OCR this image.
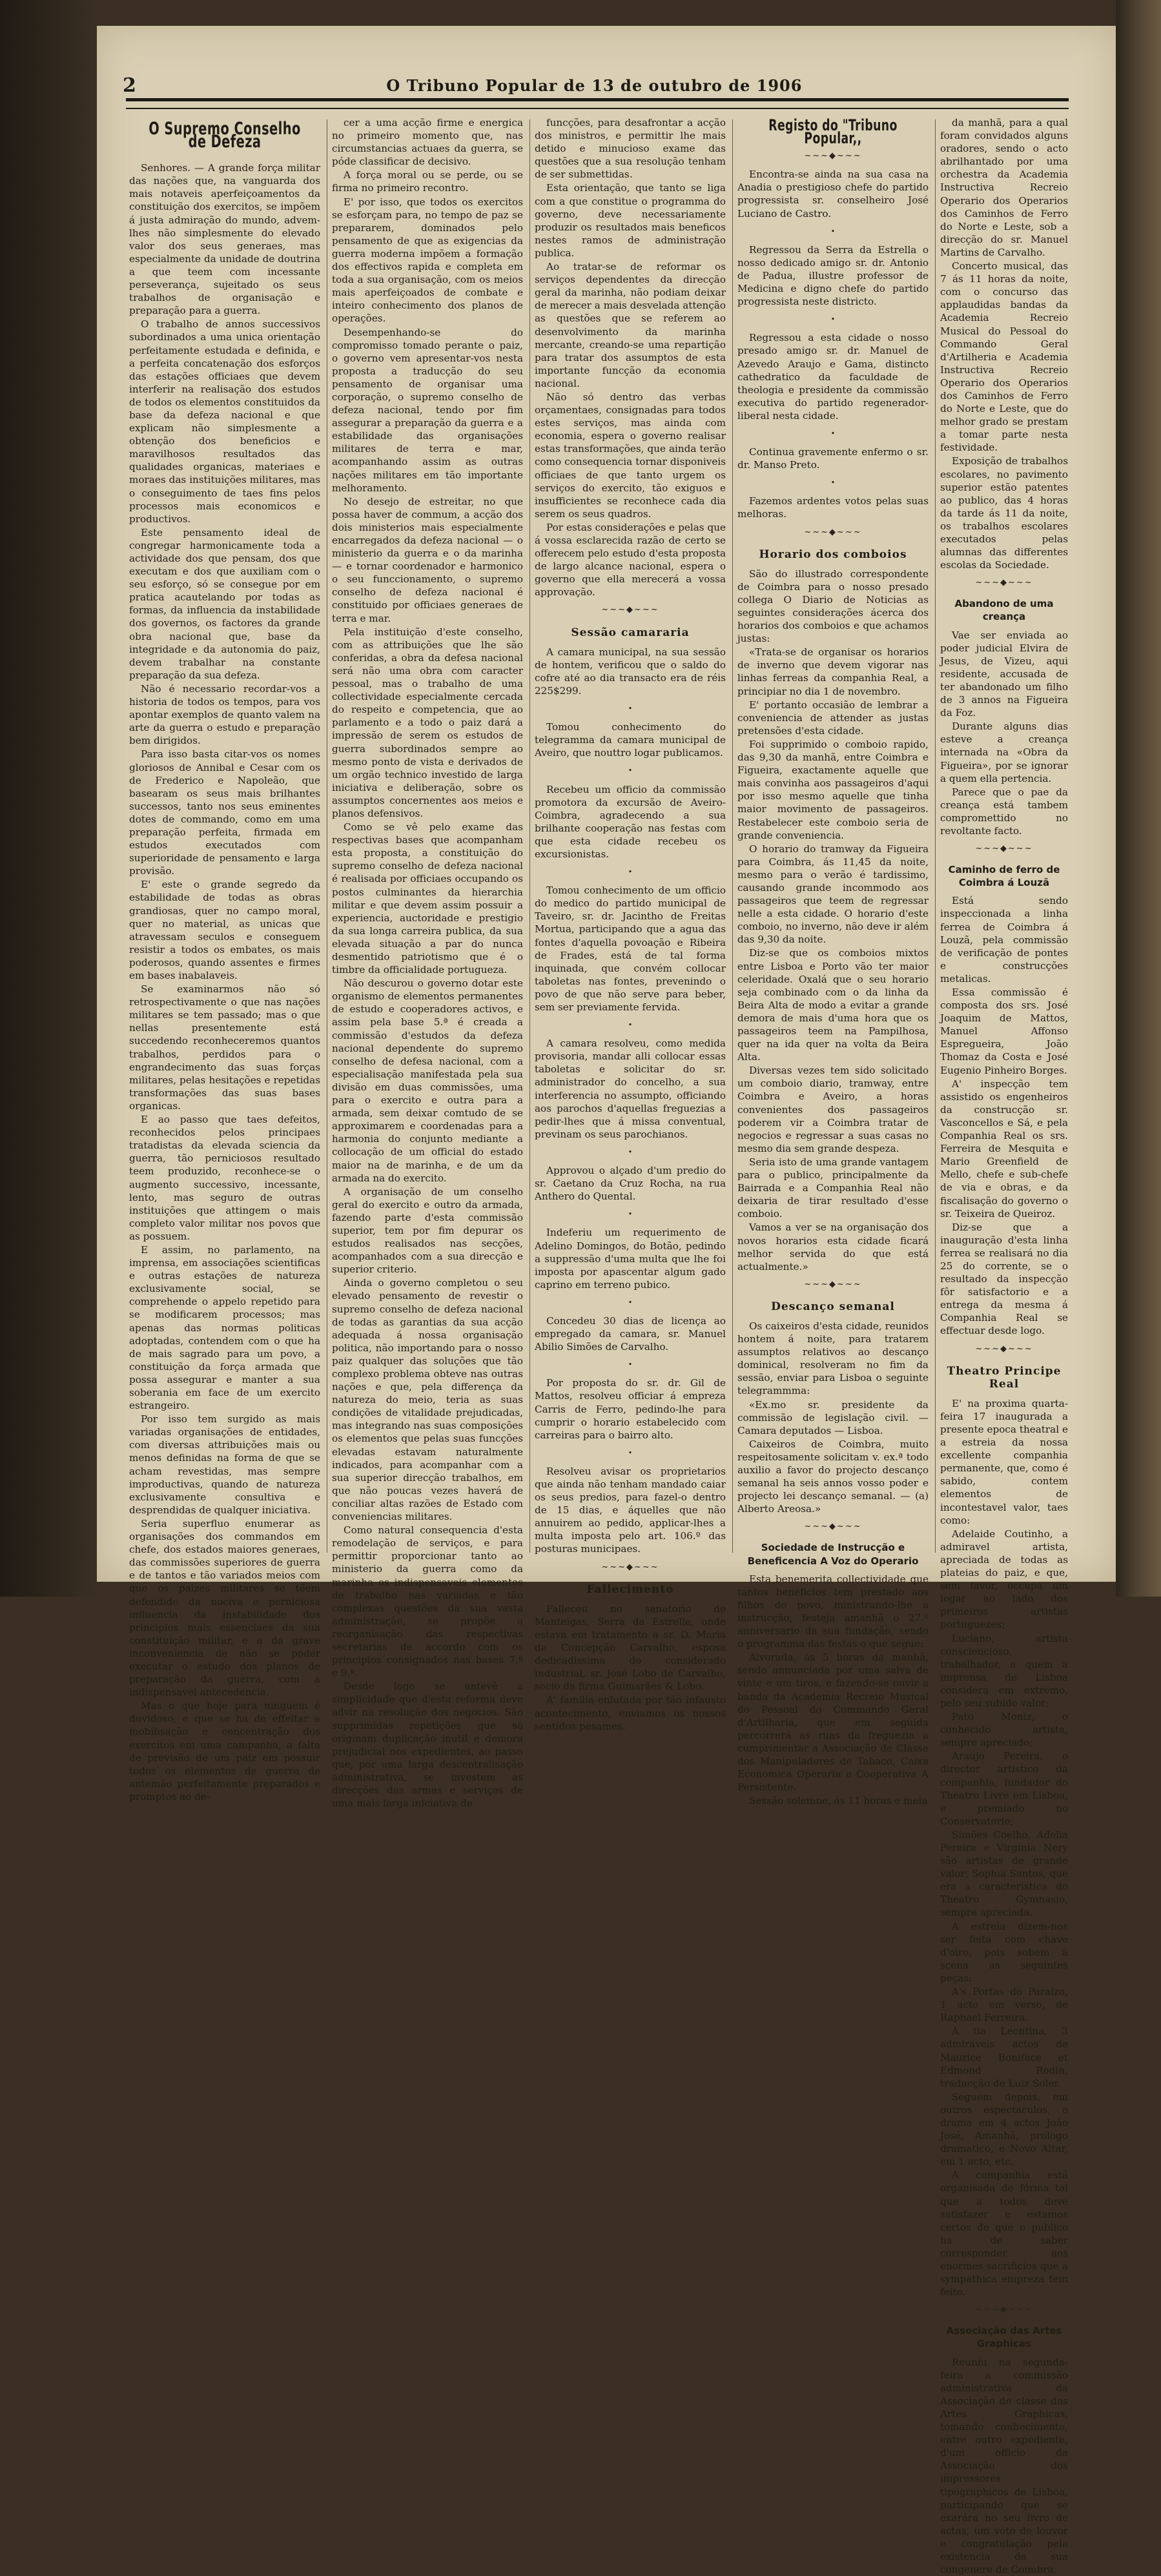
2	O Tribuno Popular de 13 de outubro de 1906
O Supremo Conselho de Defeza

Senhores. — A grande força militar das nações que, na vanguarda dos mais notaveis aperfeiçoamentos da constituição dos exercitos, se impõem á justa admiração do mundo, advem-lhes não simplesmente do elevado valor dos seus generaes, mas especialmente da unidade de doutrina a que teem com incessante perseverança, sujeitado os seus trabalhos de organisação e preparação para a guerra.

O trabalho de annos successivos subordinados a uma unica orientação perfeitamente estudada e definida, e a perfeita concatenação dos esforços das estações officiaes que devem interferir na realisação dos estudos de todos os elementos constituidos da base da defeza nacional e que explicam não simplesmente a obtenção dos beneficios e maravilhosos resultados das qualidades organicas, materiaes e moraes das instituições militares, mas o conseguimento de taes fins pelos processos mais economicos e productivos.

Este pensamento ideal de congregar harmonicamente toda a actividade dos que pensam, dos que executam e dos que auxiliam com o seu esforço, só se consegue por em pratica acautelando por todas as formas, da influencia da instabilidade dos governos, os factores da grande obra nacional que, base da integridade e da autonomia do paiz, devem trabalhar na constante preparação da sua defeza.

Não é necessario recordar-vos a historia de todos os tempos, para vos apontar exemplos de quanto valem na arte da guerra o estudo e preparação bem dirigidos.

Para isso basta citar-vos os nomes gloriosos de Annibal e Cesar com os de Frederico e Napoleão, que basearam os seus mais brilhantes successos, tanto nos seus eminentes dotes de commando, como em uma preparação perfeita, firmada em estudos executados com superioridade de pensamento e larga provisão.

E' este o grande segredo da estabilidade de todas as obras grandiosas, quer no campo moral, quer no material, as unicas que atravessam seculos e conseguem resistir a todos os embates, os mais poderosos, quando assentes e firmes em bases inabalaveis.

Se examinarmos não só retrospectivamente o que nas nações militares se tem passado; mas o que nellas presentemente está succedendo reconheceremos quantos trabalhos, perdidos para o engrandecimento das suas forças militares, pelas hesitações e repetidas transformações das suas bases organicas.

E ao passo que taes defeitos, reconhecidos pelos principaes tratadistas da elevada sciencia da guerra, tão perniciosos resultado teem produzido, reconhece-se o augmento successivo, incessante, lento, mas seguro de outras instituições que attingem o mais completo valor militar nos povos que as possuem.

E assim, no parlamento, na imprensa, em associações scientificas e outras estações de natureza exclusivamente social, se comprehende o appelo repetido para se modificarem processos; mas apenas das normas politicas adoptadas, contendem com o que ha de mais sagrado para um povo, a constituição da força armada que possa assegurar e manter a sua soberania em face de um exercito estrangeiro.

Por isso tem surgido as mais variadas organisações de entidades, com diversas attribuições mais ou menos definidas na forma de que se acham revestidas, mas sempre improductivas, quando de natureza exclusivamente consultiva e desprendidas de qualquer iniciativa.

Seria superfluo enumerar as organisações dos commandos em chefe, dos estados maiores generaes, das commissões superiores de guerra e de tantos e tão variados meios com que os paizes militares se têem defendido da nociva e perniciosa influencia da instabilidade dos principios mais essenciaes da sua constituição militar, e a da grave inconveniencia de não se poder executar o estudo dos planos de preparação da guerra, com a indispensavel antecedencia.

Mas o que hoje para ninguem é duvidoso, e que se ha de effeitar a mobilisação e concentração dos exercitos em uma campanha, a falta de previsão de um paiz em possuir todos os elementos de guerra de antemão perfeitamente preparados e promptos ao de-

cer a uma acção firme e energica no primeiro momento que, nas circumstancias actuaes da guerra, se póde classificar de decisivo.

A força moral ou se perde, ou se firma no primeiro recontro.

E' por isso, que todos os exercitos se esforçam para, no tempo de paz se prepararem, dominados pelo pensamento de que as exigencias da guerra moderna impõem a formação dos effectivos rapida e completa em toda a sua organisação, com os meios mais aperfeiçoados de combate e inteiro conhecimento dos planos de operações.

Desempenhando-se do compromisso tomado perante o paiz, o governo vem apresentar-vos nesta proposta a traducção do seu pensamento de organisar uma corporação, o supremo conselho de defeza nacional, tendo por fim assegurar a preparação da guerra e a estabilidade das organisações militares de terra e mar, acompanhando assim as outras nações militares em tão importante melhoramento.

No desejo de estreitar, no que possa haver de commum, a acção dos dois ministerios mais especialmente encarregados da defeza nacional — o ministerio da guerra e o da marinha — e tornar coordenador e harmonico o seu funccionamento, o supremo conselho de defeza nacional é constituido por officiaes generaes de terra e mar.

Pela instituição d'este conselho, com as attribuições que lhe são conferidas, a obra da defesa nacional será não uma obra com caracter pessoal, mas o trabalho de uma collectividade especialmente cercada do respeito e competencia, que ao parlamento e a todo o paiz dará a impressão de serem os estudos de guerra subordinados sempre ao mesmo ponto de vista e derivados de um orgão technico investido de larga iniciativa e deliberação, sobre os assumptos concernentes aos meios e planos defensivos.

Como se vê pelo exame das respectivas bases que acompanham esta proposta, a constituição do supremo conselho de defeza nacional é realisada por officiaes occupando os postos culminantes da hierarchia militar e que devem assim possuir a experiencia, auctoridade e prestigio da sua longa carreira publica, da sua elevada situação a par do nunca desmentido patriotismo que é o timbre da officialidade portugueza.

Não descurou o governo dotar este organismo de elementos permanentes de estudo e cooperadores activos, e assim pela base 5.ª é creada a commissão d'estudos da defeza nacional dependente do supremo conselho de defesa nacional, com a especialisação manifestada pela sua divisão em duas commissões, uma para o exercito e outra para a armada, sem deixar comtudo de se approximarem e coordenadas para a harmonia do conjunto mediante a collocação de um official do estado maior na de marinha, e de um da armada na do exercito.

A organisação de um conselho geral do exercito e outro da armada, fazendo parte d'esta commissão superior, tem por fim depurar os estudos realisados nas secções, acompanhados com a sua direcção e superior criterio.

Ainda o governo completou o seu elevado pensamento de revestir o supremo conselho de defeza nacional de todas as garantias da sua acção adequada á nossa organisação politica, não importando para o nosso paiz qualquer das soluções que tão complexo problema obteve nas outras nações e que, pela differença da natureza do meio, teria as suas condições de vitalidade prejudicadas, mas integrando nas suas composições os elementos que pelas suas funcções elevadas estavam naturalmente indicados, para acompanhar com a sua superior direcção trabalhos, em que não poucas vezes haverá de conciliar altas razões de Estado com conveniencias militares.

Como natural consequencia d'esta remodelação de serviços, e para permittir proporcionar tanto ao ministerio da guerra como da marinha os indispensaveis elementos de trabalho nas variadas e tão complexas questões da sua vasta administração, se propõe a reorganisação das respectivas secretarias de accordo com os principios consignados nas bases 7.ª e 9.ª.

Desde logo se antevê a simplicidade que d'esta reforma deve advir na resolução dos negocios. São supprimidas repetições que só originam duplicação inutil e demora prejudicial nos expedientes, ao passo que, por uma larga descentralisação administrativa, se investem as direcções das armas e serviços de uma mais larga iniciativa de

funcções, para desafrontar a acção dos ministros, e permittir lhe mais detido e minucioso exame das questões que a sua resolução tenham de ser submettidas.

Esta orientação, que tanto se liga com a que constitue o programma do governo, deve necessariamente produzir os resultados mais beneficos nestes ramos de administração publica.

Ao tratar-se de reformar os serviços dependentes da direcção geral da marinha, não podiam deixar de merecer a mais desvelada attenção as questões que se referem ao desenvolvimento da marinha mercante, creando-se uma repartição para tratar dos assumptos de esta importante funcção da economia nacional.

Não só dentro das verbas orçamentaes, consignadas para todos estes serviços, mas ainda com economia, espera o governo realisar estas transformações, que ainda terão como consequencia tornar disponiveis officiaes de que tanto urgem os serviços do exercito, tão exiguos e insufficientes se reconhece cada dia serem os seus quadros.

Por estas considerações e pelas que á vossa esclarecida razão de certo se offerecem pelo estudo d'esta proposta de largo alcance nacional, espera o governo que ella merecerá a vossa approvação.

~~~◆~~~
Sessão camararia

A camara municipal, na sua sessão de hontem, verificou que o saldo do cofre até ao dia transacto era de réis 225$299.

•

Tomou conhecimento do telegramma da camara municipal de Aveiro, que nouttro logar publicamos.

•

Recebeu um officio da commissão promotora da excursão de Aveiro-Coimbra, agradecendo a sua brilhante cooperação nas festas com que esta cidade recebeu os excursionistas.

•

Tomou conhecimento de um officio do medico do partido municipal de Taveiro, sr. dr. Jacintho de Freitas Mortua, participando que a agua das fontes d'aquella povoação e Ribeira de Frades, está de tal forma inquinada, que convém collocar taboletas nas fontes, prevenindo o povo de que não serve para beber, sem ser previamente fervida.

•

A camara resolveu, como medida provisoria, mandar alli collocar essas taboletas e solicitar do sr. administrador do concelho, a sua interferencia no assumpto, officiando aos parochos d'aquellas freguezias a pedir-lhes que á missa conventual, previnam os seus parochianos.

•

Approvou o alçado d'um predio do sr. Caetano da Cruz Rocha, na rua Anthero do Quental.

•

Indeferiu um requerimento de Adelino Domingos, do Botão, pedindo a suppressão d'uma multa que lhe foi imposta por apascentar algum gado caprino em terreno pubico.

•

Concedeu 30 dias de licença ao empregado da camara, sr. Manuel Abilio Simões de Carvalho.

•

Por proposta do sr. dr. Gil de Mattos, resolveu officiar á empreza Carris de Ferro, pedindo-lhe para cumprir o horario estabelecido com carreiras para o bairro alto.

•

Resolveu avisar os proprietarios que ainda não tenham mandado caiar os seus predios, para fazel-o dentro de 15 dias, e áquelles que não annuirem ao pedido, applicar-lhes a multa imposta pelo art. 106.º das posturas municipaes.

~~~◆~~~
Fallecimento

Falleceu no sanatorio de Manteigas, Serra da Estrella, onde estava em tratamento a sr. D. Maria da Concepção Carvalho, esposa dedicadissima do considerado industrial, sr. José Lobo de Carvalho, socio da firma Guimarães & Lobo.

A' familia enlutada por tão infausto acontecimento, enviamos os nossos sentidos pesames.

Registo do "Tribuno Popular,,
~~~◆~~~

Encontra-se ainda na sua casa na Anadia o prestigioso chefe do partido progressista sr. conselheiro José Luciano de Castro.

•

Regressou da Serra da Estrella o nosso dedicado amigo sr. dr. Antonio de Padua, illustre professor de Medicina e digno chefe do partido progressista neste districto.

•

Regressou a esta cidade o nosso presado amigo sr. dr. Manuel de Azevedo Araujo e Gama, distincto cathedratico da faculdade de theologia e presidente da commissão executiva do partido regenerador-liberal nesta cidade.

•

Continua gravemente enfermo o sr. dr. Manso Preto.

•

Fazemos ardentes votos pelas suas melhoras.

~~~◆~~~
Horario dos comboios

São do illustrado correspondente de Coimbra para o nosso presado collega O Diario de Noticias as seguintes considerações ácerca dos horarios dos comboios e que achamos justas:

«Trata-se de organisar os horarios de inverno que devem vigorar nas linhas ferreas da companhia Real, a principiar no dia 1 de novembro.

E' portanto occasião de lembrar a conveniencia de attender as justas pretensões d'esta cidade.

Foi supprimido o comboio rapido, das 9,30 da manhã, entre Coimbra e Figueira, exactamente aquelle que mais convinha aos passageiros d'aqui por isso mesmo aquelle que tinha maior movimento de passageiros. Restabelecer este comboio seria de grande conveniencia.

O horario do tramway da Figueira para Coimbra, ás 11,45 da noite, mesmo para o verão é tardissimo, causando grande incommodo aos passageiros que teem de regressar nelle a esta cidade. O horario d'este comboio, no inverno, não deve ir além das 9,30 da noite.

Diz-se que os comboios mixtos entre Lisboa e Porto vão ter maior celeridade. Oxalá que o seu horario seja combinado com o da linha da Beira Alta de modo a evitar a grande demora de mais d'uma hora que os passageiros teem na Pampilhosa, quer na ida quer na volta da Beira Alta.

Diversas vezes tem sido solicitado um comboio diario, tramway, entre Coimbra e Aveiro, a horas convenientes dos passageiros poderem vir a Coimbra tratar de negocios e regressar a suas casas no mesmo dia sem grande despeza.

Seria isto de uma grande vantagem para o publico, principalmente da Bairrada e a Companhia Real não deixaria de tirar resultado d'esse comboio.

Vamos a ver se na organisação dos novos horarios esta cidade ficará melhor servida do que está actualmente.»

~~~◆~~~
Descanço semanal

Os caixeiros d'esta cidade, reunidos hontem á noite, para tratarem assumptos relativos ao descanço dominical, resolveram no fim da sessão, enviar para Lisboa o seguinte telegrammma:

«Ex.mo sr. presidente da commissão de legislação civil. — Camara deputados — Lisboa.

Caixeiros de Coimbra, muito respeitosamente solicitam v. ex.ª todo auxilio a favor do projecto descanço semanal ha seis annos vosso poder e projecto lei descanço semanal. — (a) Alberto Areosa.»

~~~◆~~~
Sociedade de Instrucção e Beneficencia A Voz do Operario

Esta benemerita collectividade que tantos beneficios tem prestado aos filhos do povo, ministrando-lhe a instrucção, festeja amanhã o 27.º anniversario da sua fundação, sendo o programma das festas o que segue:

Alvorada, ás 5 horas da manhã, sendo annunciada por uma salva de vinte e um tiros, e fazendo-se ouvir a banda da Academia Recreio Musical do Pessoal do Commando Geral d'Artilharia, que em seguida percorrerá as ruas da freguezia a cumprimentar a Associação de Classe dos Manipuladores de Tabaco, Caixa Economica Operaria e Cooperativa A Persistente.

Sessão solemne, ás 11 horas e meia

da manhã, para a qual foram convidados alguns oradores, sendo o acto abrilhantado por uma orchestra da Academia Instructiva Recreio Operario dos Operarios dos Caminhos de Ferro do Norte e Leste, sob a direcção do sr. Manuel Martins de Carvalho.

Concerto musical, das 7 ás 11 horas da noite, com o concurso das applaudidas bandas da Academia Recreio Musical do Pessoal do Commando Geral d'Artilheria e Academia Instructiva Recreio Operario dos Operarios dos Caminhos de Ferro do Norte e Leste, que do melhor grado se prestam a tomar parte nesta festividade.

Exposição de trabalhos escolares, no pavimento superior estão patentes ao publico, das 4 horas da tarde ás 11 da noite, os trabalhos escolares executados pelas alumnas das differentes escolas da Sociedade.

~~~◆~~~
Abandono de uma creança

Vae ser enviada ao poder judicial Elvira de Jesus, de Vizeu, aqui residente, accusada de ter abandonado um filho de 3 annos na Figueira da Foz.

Durante alguns dias esteve a creança internada na «Obra da Figueira», por se ignorar a quem ella pertencia.

Parece que o pae da creança está tambem compromettido no revoltante facto.

~~~◆~~~
Caminho de ferro de Coimbra á Louzã

Está sendo inspeccionada a linha ferrea de Coimbra á Louzã, pela commissão de verificação de pontes e construcções metalicas.

Essa commissão é composta dos srs. José Joaquim de Mattos, Manuel Affonso Espregueira, João Thomaz da Costa e José Eugenio Pinheiro Borges.

A' inspecção tem assistido os engenheiros da construcção sr. Vasconcellos e Sá, e pela Companhia Real os srs. Ferreira de Mesquita e Mario Greenfield de Mello, chefe e sub-chefe de via e obras, e da fiscalisação do governo o sr. Teixeira de Queiroz.

Diz-se que a inauguração d'esta linha ferrea se realisará no dia 25 do corrente, se o resultado da inspecção fôr satisfactorio e a entrega da mesma á Companhia Real se effectuar desde logo.

~~~◆~~~
Theatro Principe Real

E' na proxima quarta-feira 17 inaugurada a presente epoca theatral e a estreia da nossa excellente companhia permanente, que, como é sabido, contem elementos de incontestavel valor, taes como:

Adelaide Coutinho, a admiravel artista, apreciada de todas as plateias do paiz, e que, sem favor, occupa um logar ao lado dos primeiros artistas portuguezes;

Luciano, artista consciencioso, trabalhador, a quem a imprensa de Lisboa considera em extremo, pelo seu subido valor;

Pato Moniz, o conhecido artista, sempre apreciado;

Araujo Pereira, o director artistico da companhia, fundador do Theatro Livre em Lisboa, e premiado no Conservatorio;

Simões Coelho, Adelia Pereira e Virginia Nery são artistas de grande valor; Sophia Santos, que era a caracteristica do Theatro Gymnasio, sempre apreciada.

A estreia dizem-nos ser feita com chave d'oiro, pois sobem á scena as seguintes peças:

A's Portas do Paraizo, 1 acto em verso, de Raphael Ferreira.

A tia Leontina, 3 admiraveis actos de Maurice Boniface et Edmond Rodin, traducção de Luiz Soler.

Seguem depois, em outros espectaculos, o drama em 4 actos João José, Amanhã, prologo dramatico, e Novo Altar, em 1 acto, etc.

A companhia está organisada de fórma tal que a todos deve satisfazer e estamos certos de que o publico ha de saber corresponder aos enormes sacrificios que a sympathica empreza tem feito.

~~~◆~~~
Associação das Artes Graphicas

Reuniu na segunda-feira a commissão administrativa da Associação de classe das Artes Graphicas, tomando conhecimento, entre outro expediente, d'um officio da Associação dos impressores tipographicos de Lisboa, participando que se exarára no seu livro de actas, um voto de louvor e congratulação pela existencia da sua congenere de Coimbra.
